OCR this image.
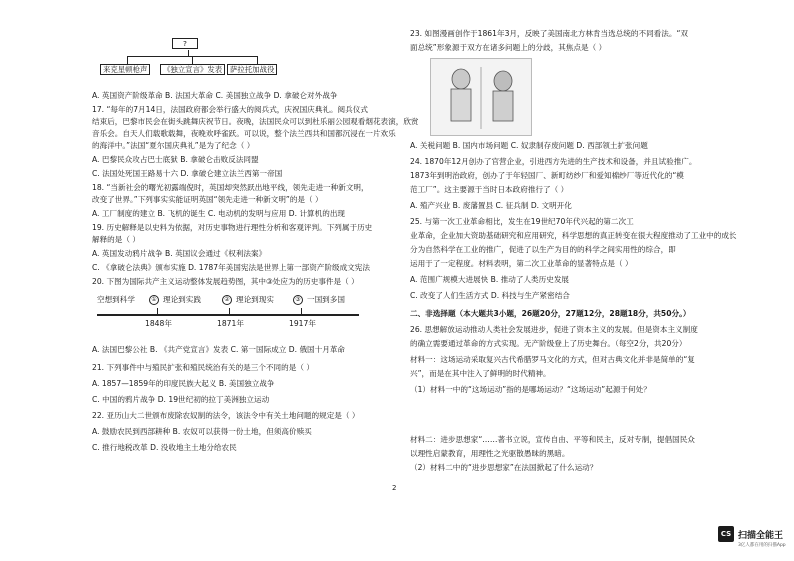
?
来克星顿枪声	《独立宣言》发表	萨拉托加战役
A. 英国资产阶级革命 B. 法国大革命 C. 美国独立战争 D. 拿破仑对外战争
17. “每年的7月14日，法国政府都会举行盛大的阅兵式，庆祝国庆典礼。阅兵仪式
结束后，巴黎市民会在街头跳舞庆祝节日。夜晚，法国民众可以到杜乐丽公园观看烟花表演，欣赏
音乐会。自天人们载歌载舞，夜晚欢呼雀跃。可以说，整个法兰西共和国都沉浸在一片欢乐
的海洋中。”法国“夏尔国庆典礼”是为了纪念（ ）
A. 巴黎民众攻占巴士底狱 B. 拿破仑击败反法同盟
C. 法国处死国王路易十六 D. 拿破仑建立法兰西第一帝国
18. “当新社会的曙光初露端倪时，英国却突然跃出地平线，领先走进一种新文明，
改变了世界。”下列事实实能证明英国“领先走进一种新文明”的是（ ）
A. 工厂制度的建立 B. 飞机的诞生 C. 电动机的发明与应用 D. 计算机的出现
19. 历史解释是以史料为依据，对历史事物进行理性分析和客观评判。下列属于历史
解释的是（ ）
A. 英国发动鸦片战争 B. 英国议会通过《权利法案》
C. 《拿破仑法典》颁布实施 D. 1787年美国宪法是世界上第一部资产阶级成文宪法
20. 下图为国际共产主义运动整体发展趋势图，其中③处应为的历史事件是（ ）
空想到科学	① 理论到实践	② 理论到现实	③ 一国到多国
1848年	1871年	1917年
A. 法国巴黎公社 B. 《共产党宣言》发表 C. 第一国际成立 D. 俄国十月革命
21. 下列事件中与殖民扩张和殖民统治有关的是三个不同的是（ ）
A. 1857—1859年的印度民族大起义 B. 美国独立战争
C. 中国的鸦片战争 D. 19世纪初的拉丁美洲独立运动
22. 亚历山大二世颁布废除农奴制的法令，该法令中有关土地问题的规定是（ ）
A. 鼓励农民到西部耕种 B. 农奴可以获得一份土地，但须高价赎买
C. 推行地税改革 D. 没收地主土地分给农民
23. 如图漫画创作于1861年3月，反映了美国南北方林肯当选总统的不同看法。“双
面总统”形象源于双方在诸多问题上的分歧，其焦点是（ ）
A. 关税问题 B. 国内市场问题 C. 奴隶制存废问题 D. 西部领土扩张问题
24. 1870年12月创办了官营企业，引进西方先进的生产技术和设备，并且试验推广。
1873年到明治政府，创办了于年轻国厂、新町纺纱厂和爱知棉纱厂等近代化的“模
范工厂”。这主要源于当时日本政府推行了（ ）
A. 殖产兴业 B. 废藩置县 C. 征兵制 D. 文明开化
25. 与第一次工业革命相比，发生在19世纪70年代兴起的第二次工
业革命，企业加大资助基础研究和应用研究，科学思想的真正转变在很大程度推动了工业中的成长
分为自然科学在工业的推广，促进了以生产为目的的科学之间实用性的综合，即
运用于了一定程度。材料表明，第二次工业革命的显著特点是（ ）
A. 范围广规模大进展快 B. 推动了人类历史发展
C. 改变了人们生活方式 D. 科技与生产紧密结合
二、非选择题（本大题共3小题，26题20分，27题12分，28题18分，共50分。）
26. 思想解放运动推动人类社会发展进步，促进了资本主义的发展。但是资本主义制度
的确立需要通过革命的方式实现。无产阶级登上了历史舞台。（每空2分，共20分）
材料一：这场运动采取复兴古代希腊罗马文化的方式，但对古典文化并非是简单的“复
兴”，而是在其中注入了鲜明的时代精神。
（1）材料一中的“这场运动”指的是哪场运动？“这场运动”起源于何处？
材料二：进步思想家“……著书立说，宣传自由、平等和民主，反对专制，提倡国民众
以理性启蒙教育，用理性之光驱散愚昧的黑暗。
（2）材料二中的“进步思想家”在法国掀起了什么运动？
2
CS 扫描全能王
3亿人都在用的扫描App
